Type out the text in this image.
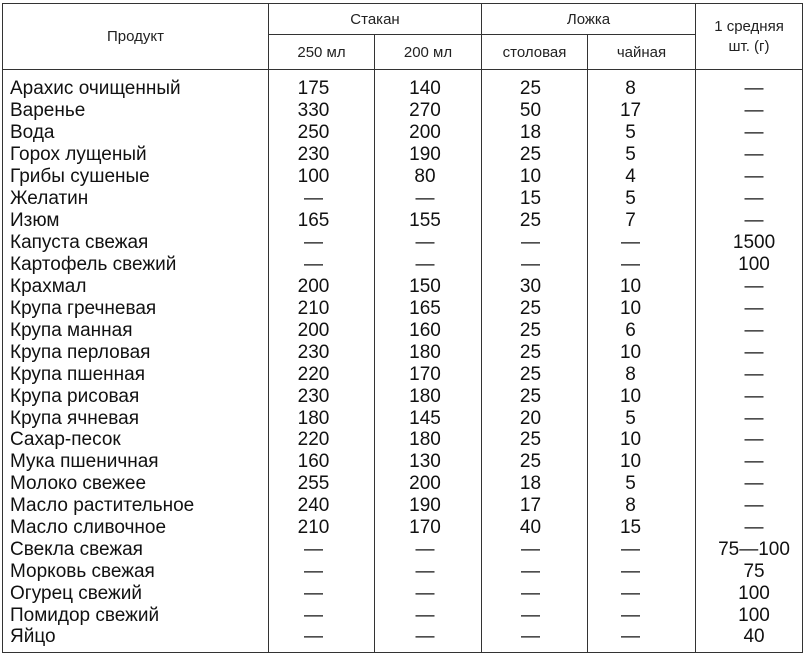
Продукт	Стакан		Ложка		1 средняя
шт. (г)

	250 мл	200 мл	столовая	чайная	
Арахис очищенный	175	140	25	8	—
Варенье	330	270	50	17	—
Вода	250	200	18	5	—
Горох лущеный	230	190	25	5	—
Грибы сушеные	100	80	10	4	—
Желатин	—	—	15	5	—
Изюм	165	155	25	7	—
Капуста свежая	—	—	—	—	1500
Картофель свежий	—	—	—	—	100
Крахмал	200	150	30	10	—
Крупа гречневая	210	165	25	10	—
Крупа манная	200	160	25	6	—
Крупа перловая	230	180	25	10	—
Крупа пшенная	220	170	25	8	—
Крупа рисовая	230	180	25	10	—
Крупа ячневая	180	145	20	5	—
Сахар-песок	220	180	25	10	—
Мука пшеничная	160	130	25	10	—
Молоко свежее	255	200	18	5	—
Масло растительное	240	190	17	8	—
Масло сливочное	210	170	40	15	—
Свекла свежая	—	—	—	—	75—100
Морковь свежая	—	—	—	—	75
Огурец свежий	—	—	—	—	100
Помидор свежий	—	—	—	—	100
Яйцо	—	—	—	—	40
